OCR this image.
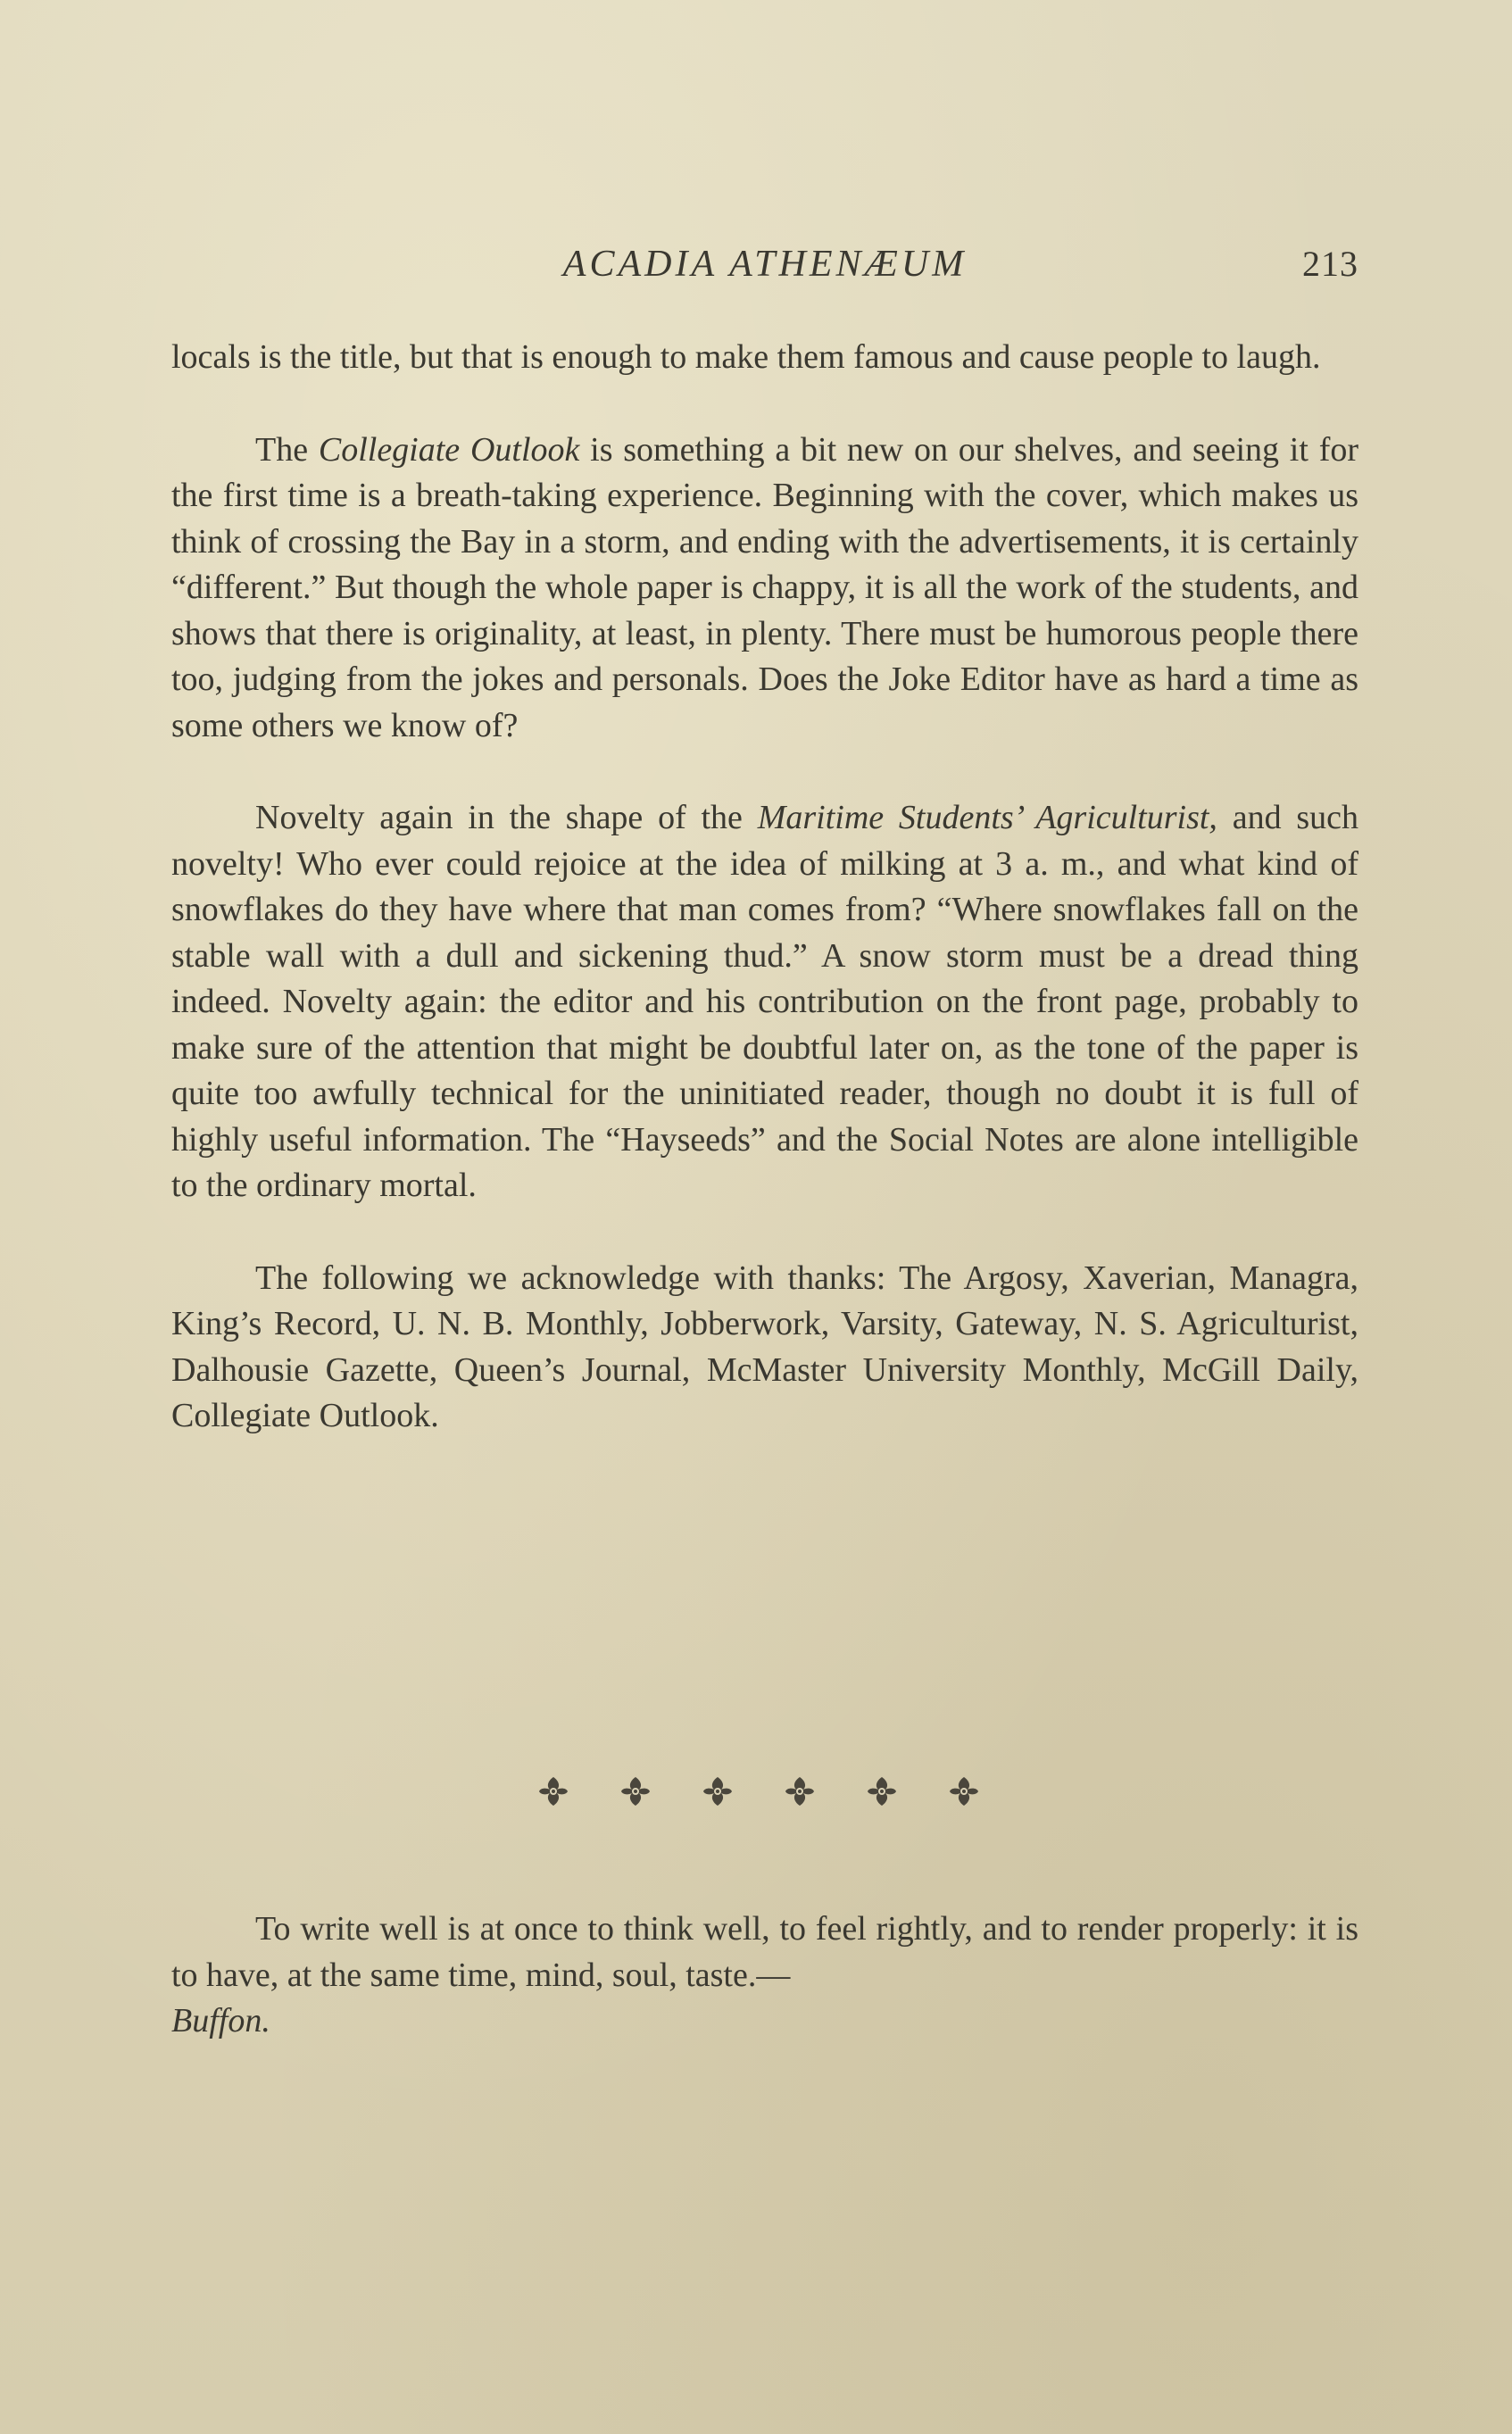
ACADIA ATHENÆUM	213

locals is the title, but that is enough to make them famous and cause people to laugh.

The Collegiate Outlook is something a bit new on our shelves, and seeing it for the first time is a breath-taking experience. Beginning with the cover, which makes us think of crossing the Bay in a storm, and ending with the advertisements, it is certainly “different.” But though the whole paper is chappy, it is all the work of the students, and shows that there is originality, at least, in plenty. There must be humorous people there too, judging from the jokes and personals. Does the Joke Editor have as hard a time as some others we know of?

Novelty again in the shape of the Maritime Students’ Agriculturist, and such novelty! Who ever could rejoice at the idea of milking at 3 a. m., and what kind of snowflakes do they have where that man comes from? “Where snowflakes fall on the stable wall with a dull and sickening thud.” A snow storm must be a dread thing indeed. Novelty again: the editor and his contribution on the front page, probably to make sure of the attention that might be doubtful later on, as the tone of the paper is quite too awfully technical for the uninitiated reader, though no doubt it is full of highly useful information. The “Hayseeds” and the Social Notes are alone intelligible to the ordinary mortal.

The following we acknowledge with thanks: The Argosy, Xaverian, Managra, King’s Record, U. N. B. Monthly, Jobberwork, Varsity, Gateway, N. S. Agriculturist, Dalhousie Gazette, Queen’s Journal, McMaster University Monthly, McGill Daily, Collegiate Outlook.

To write well is at once to think well, to feel rightly, and to render properly: it is to have, at the same time, mind, soul, taste.—
Buffon.
